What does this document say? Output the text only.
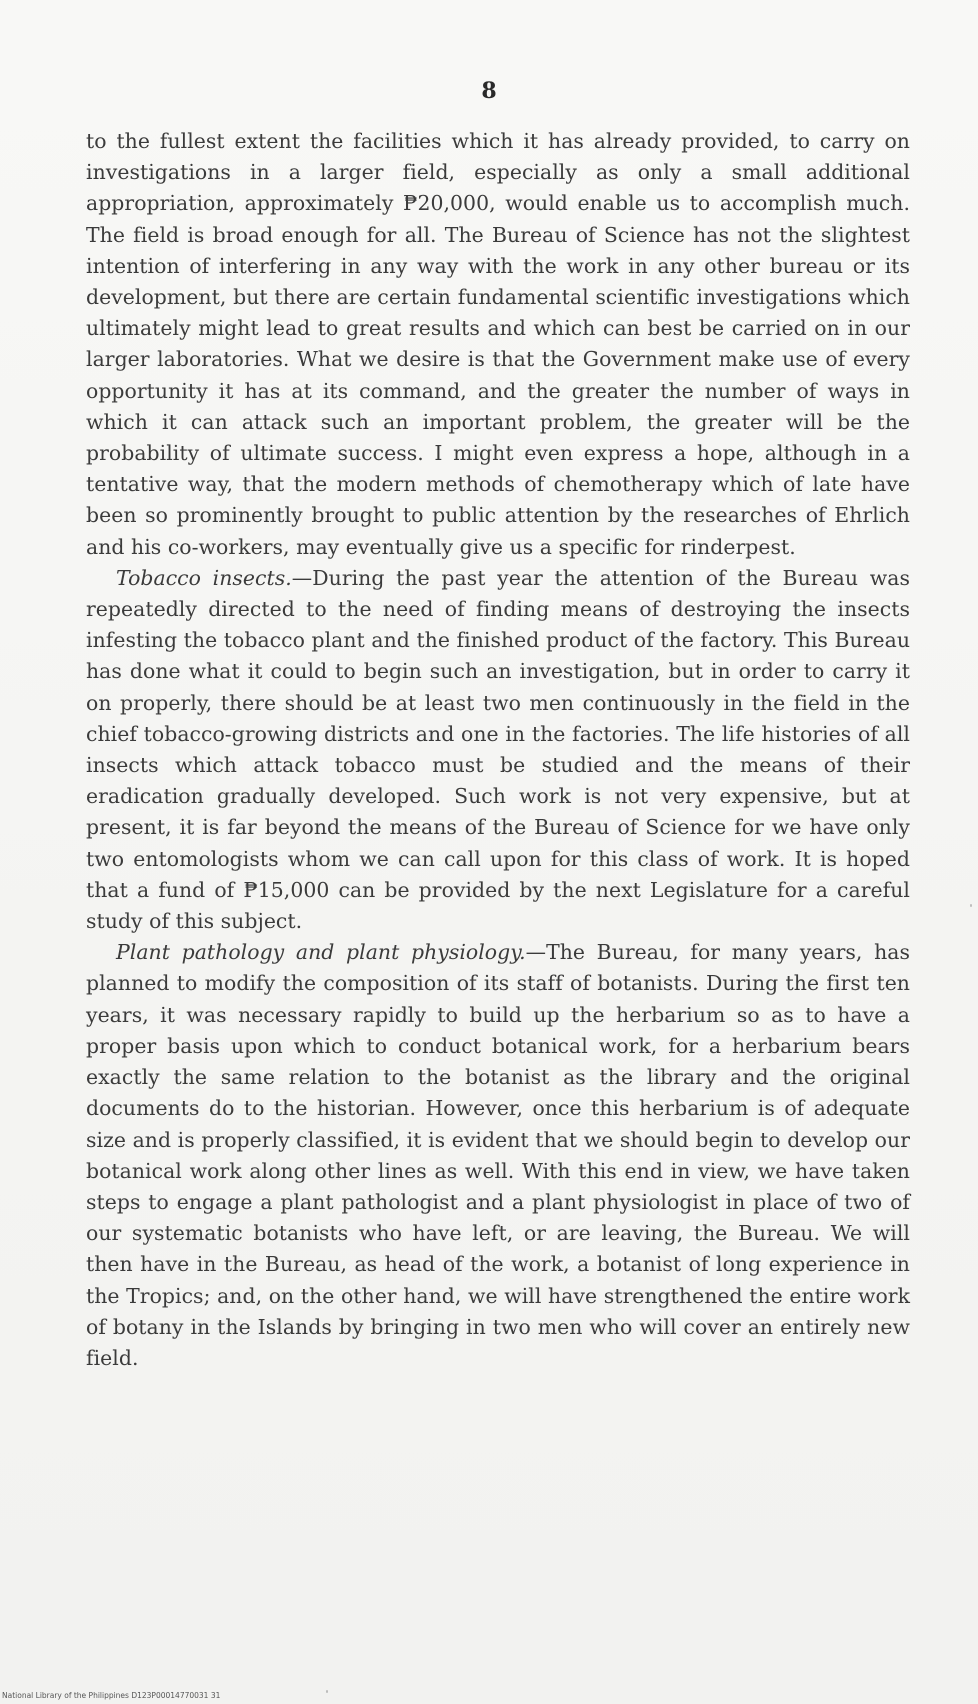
8

to the fullest extent the facilities which it has already provided, to carry on investigations in a larger field, especially as only a small additional appropriation, approximately ₱20,000, would enable us to accomplish much. The field is broad enough for all. The Bureau of Science has not the slightest intention of interfering in any way with the work in any other bureau or its development, but there are certain fundamental scientific investigations which ultimately might lead to great results and which can best be carried on in our larger laboratories. What we desire is that the Government make use of every opportunity it has at its command, and the greater the number of ways in which it can attack such an important problem, the greater will be the probability of ultimate success. I might even express a hope, although in a tentative way, that the modern methods of chemotherapy which of late have been so prominently brought to public attention by the researches of Ehrlich and his co-workers, may eventually give us a specific for rinderpest.

Tobacco insects.—During the past year the attention of the Bureau was repeatedly directed to the need of finding means of destroying the insects infesting the tobacco plant and the finished product of the factory. This Bureau has done what it could to begin such an investigation, but in order to carry it on properly, there should be at least two men continuously in the field in the chief tobacco-growing districts and one in the factories. The life histories of all insects which attack tobacco must be studied and the means of their eradication gradually developed. Such work is not very expensive, but at present, it is far beyond the means of the Bureau of Science for we have only two entomologists whom we can call upon for this class of work. It is hoped that a fund of ₱15,000 can be provided by the next Legislature for a careful study of this subject.

Plant pathology and plant physiology.—The Bureau, for many years, has planned to modify the composition of its staff of botanists. During the first ten years, it was necessary rapidly to build up the herbarium so as to have a proper basis upon which to conduct botanical work, for a herbarium bears exactly the same relation to the botanist as the library and the original documents do to the historian. However, once this herbarium is of adequate size and is properly classified, it is evident that we should begin to develop our botanical work along other lines as well. With this end in view, we have taken steps to engage a plant pathologist and a plant physiologist in place of two of our systematic botanists who have left, or are leaving, the Bureau. We will then have in the Bureau, as head of the work, a botanist of long experience in the Tropics; and, on the other hand, we will have strengthened the entire work of botany in the Islands by bringing in two men who will cover an entirely new field.

National Library of the Philippines D123P00014770031 31
